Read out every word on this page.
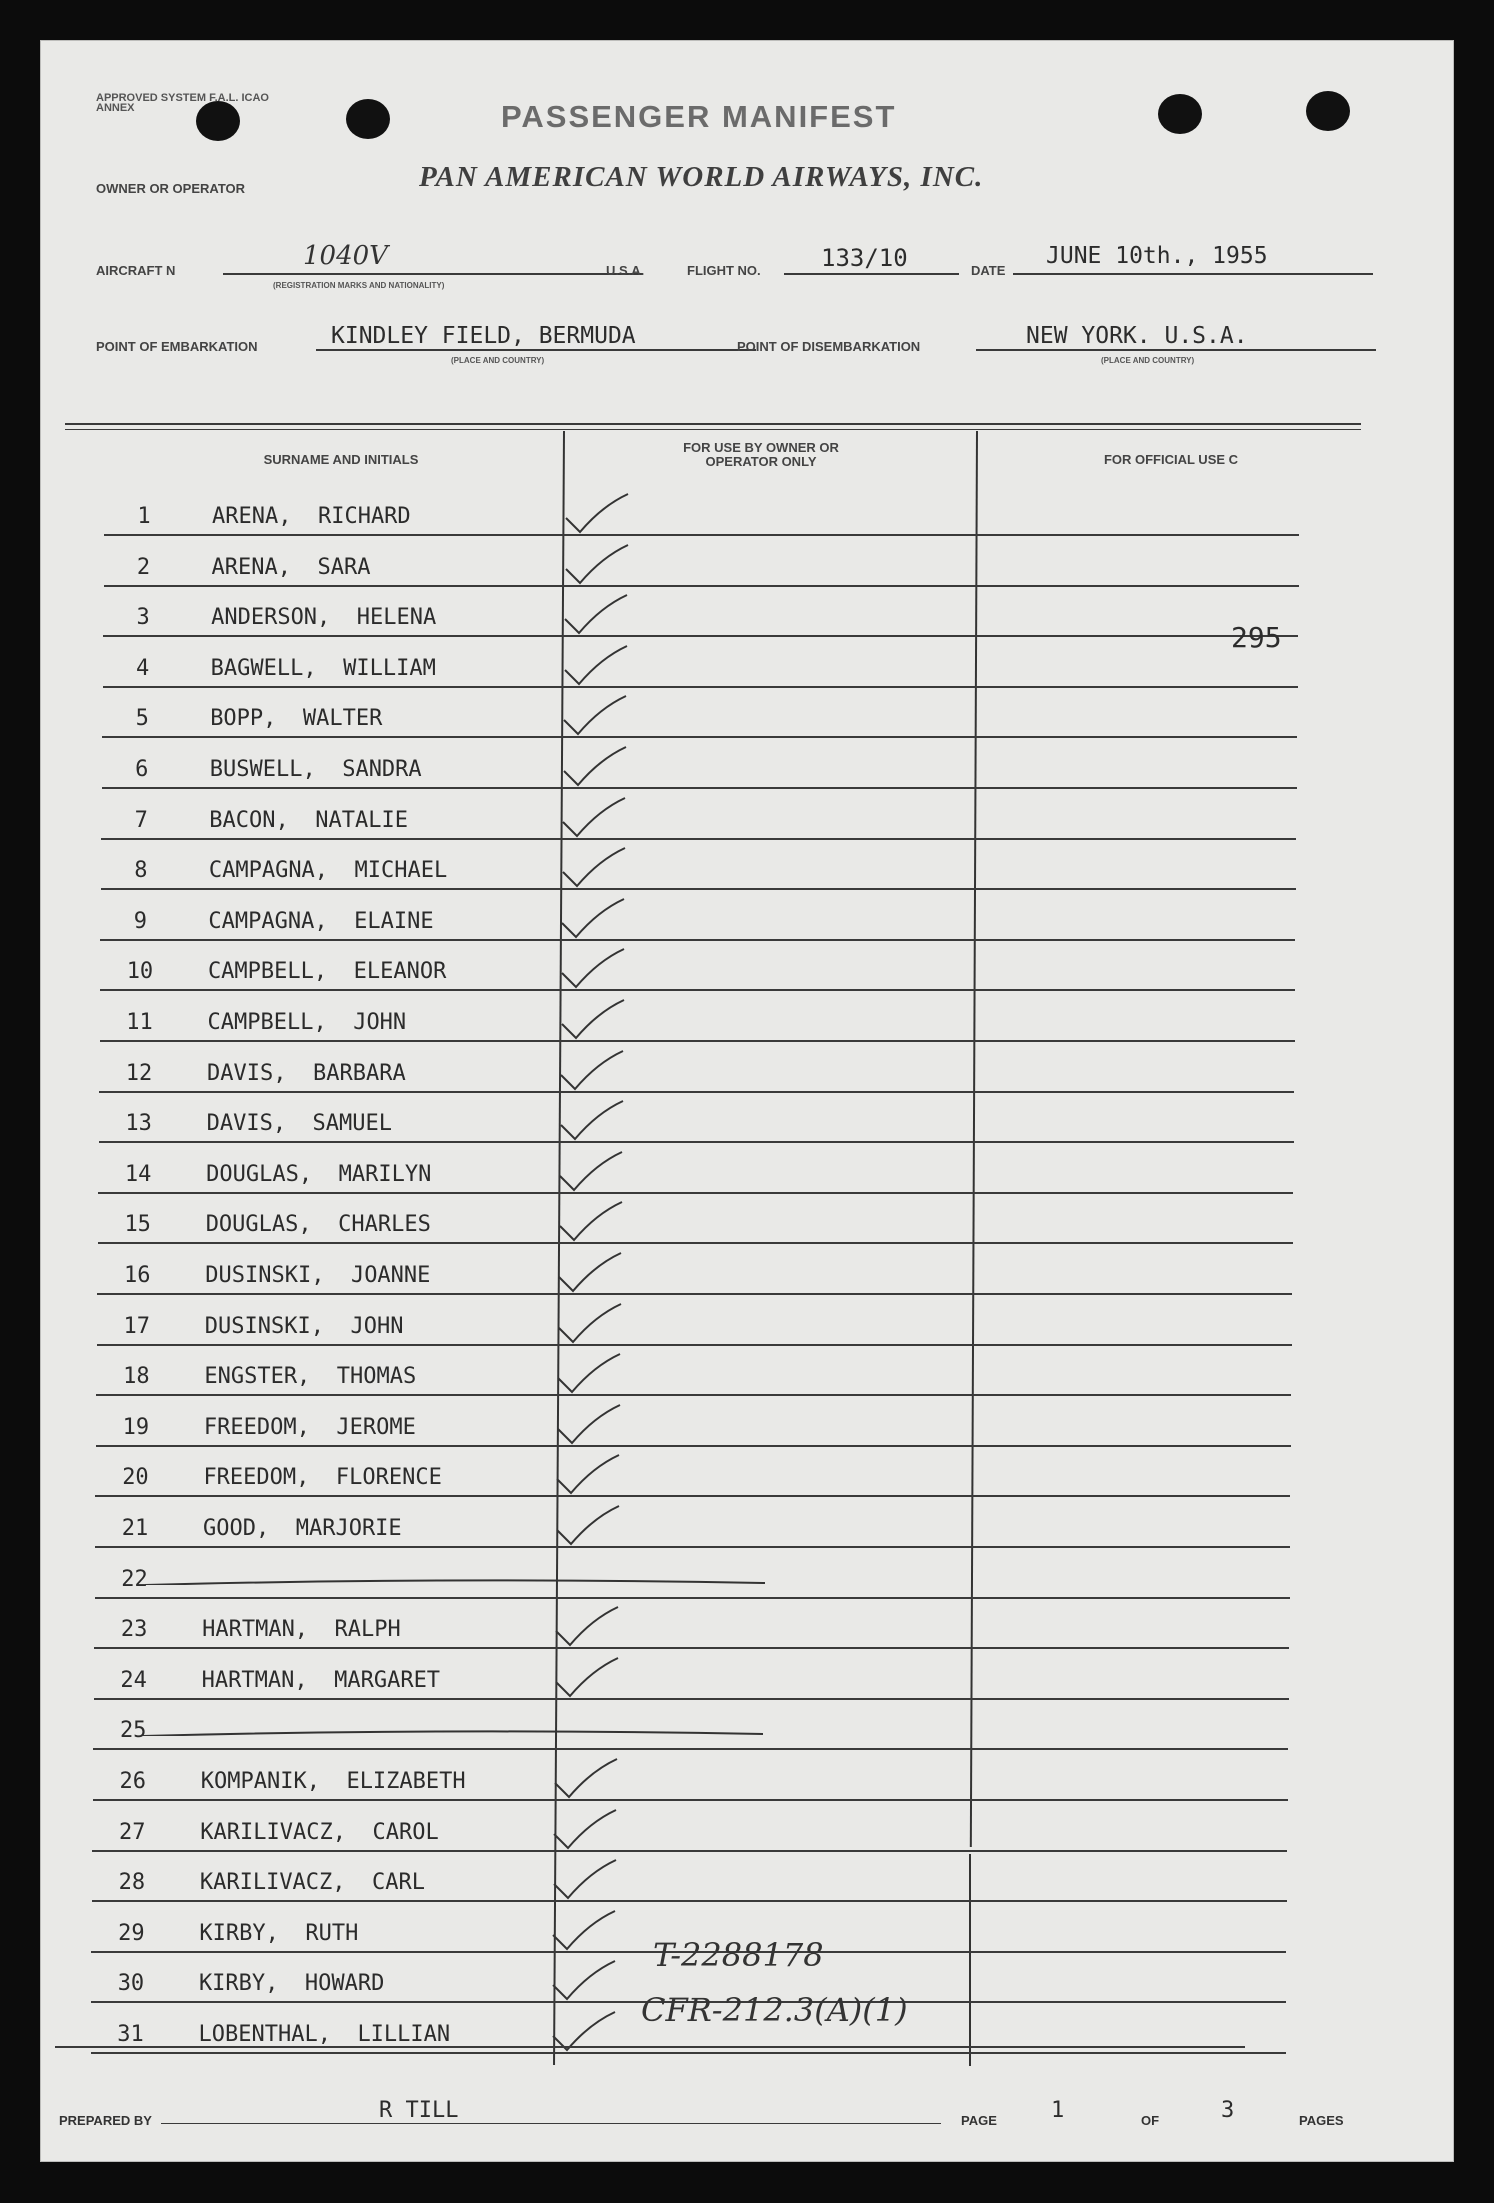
APPROVED SYSTEM F.A.L. ICAO ANNEX	PASSENGER MANIFEST
OWNER OR OPERATOR	PAN AMERICAN WORLD AIRWAYS, INC.
AIRCRAFT N	1040V
(REGISTRATION MARKS AND NATIONALITY)
U.S.A.	FLIGHT NO.	133/10	DATE
JUNE 10th., 1955
POINT OF EMBARKATION	KINDLEY FIELD, BERMUDA
(PLACE AND COUNTRY)
POINT OF DISEMBARKATION	NEW YORK. U.S.A.
(PLACE AND COUNTRY)
SURNAME AND INITIALS
FOR USE BY OWNER OR OPERATOR ONLY	FOR OFFICIAL USE C
1	ARENA,  RICHARD
2	ARENA,  SARA
3	ANDERSON,  HELENA
4	BAGWELL,  WILLIAM
5	BOPP,  WALTER
6	BUSWELL,  SANDRA
7	BACON,  NATALIE
8	CAMPAGNA,  MICHAEL
9	CAMPAGNA,  ELAINE
10	CAMPBELL,  ELEANOR
11	CAMPBELL,  JOHN
12	DAVIS,  BARBARA
13	DAVIS,  SAMUEL
14	DOUGLAS,  MARILYN
15	DOUGLAS,  CHARLES
16	DUSINSKI,  JOANNE
17	DUSINSKI,  JOHN
18	ENGSTER,  THOMAS
19	FREEDOM,  JEROME
20	FREEDOM,  FLORENCE
21	GOOD,  MARJORIE
22
23	HARTMAN,  RALPH
24	HARTMAN,  MARGARET
25
26	KOMPANIK,  ELIZABETH
27	KARILIVACZ,  CAROL
28	KARILIVACZ,  CARL
29	KIRBY,  RUTH
30	KIRBY,  HOWARD
31	LOBENTHAL,  LILLIAN
295
T-2288178
CFR-212.3(A)(1)
PREPARED BY	R TILL	PAGE 1	OF	3	PAGES
